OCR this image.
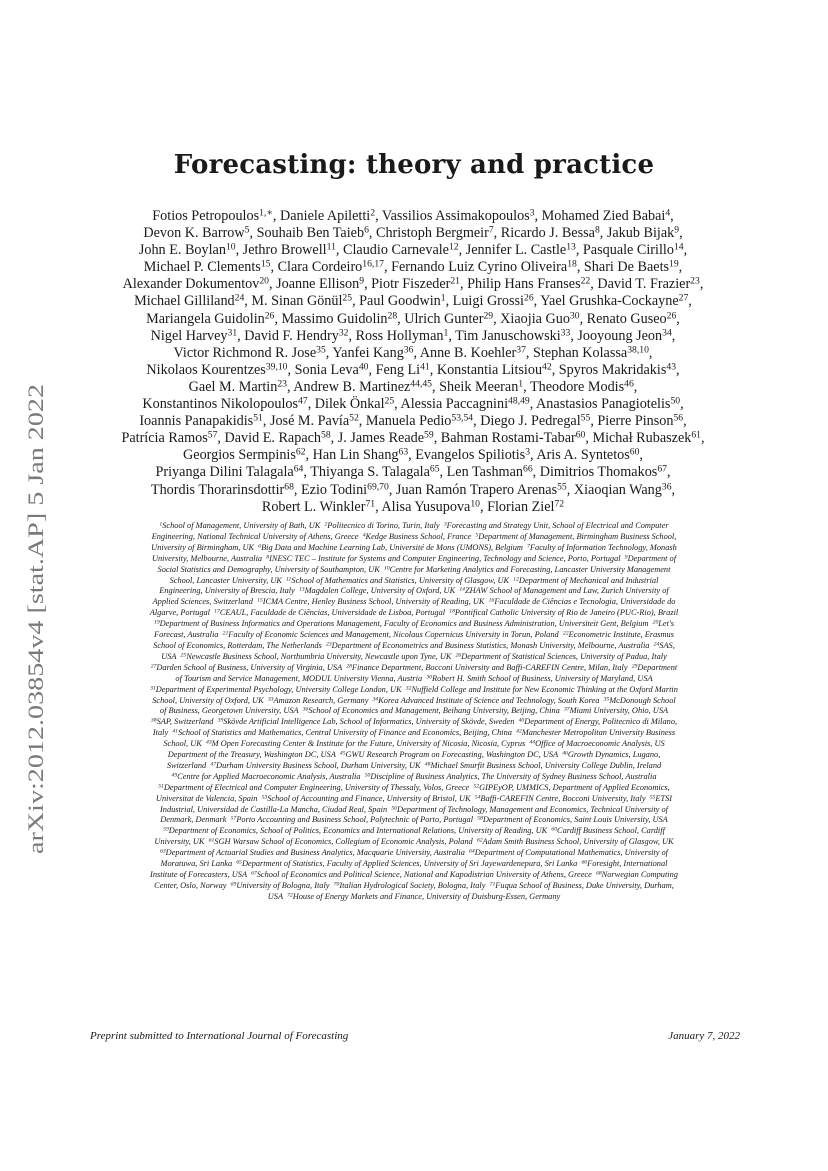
arXiv:2012.03854v4 [stat.AP] 5 Jan 2022
Forecasting: theory and practice
Fotios Petropoulos$^{1,∗}$, Daniele Apiletti$^2$, Vassilios Assimakopoulos$^3$, Mohamed Zied Babai$^4$,
Devon K. Barrow$^5$, Souhaib Ben Taieb$^6$, Christoph Bergmeir$^7$, Ricardo J. Bessa$^8$, Jakub Bijak$^9$,
John E. Boylan$^{10}$, Jethro Browell$^{11}$, Claudio Carnevale$^{12}$, Jennifer L. Castle$^{13}$, Pasquale Cirillo$^{14}$,
Michael P. Clements$^{15}$, Clara Cordeiro$^{16,17}$, Fernando Luiz Cyrino Oliveira$^{18}$, Shari De Baets$^{19}$,
Alexander Dokumentov$^{20}$, Joanne Ellison$^9$, Piotr Fiszeder$^{21}$, Philip Hans Franses$^{22}$, David T. Frazier$^{23}$,
Michael Gilliland$^{24}$, M. Sinan Gönül$^{25}$, Paul Goodwin$^1$, Luigi Grossi$^{26}$, Yael Grushka-Cockayne$^{27}$,
Mariangela Guidolin$^{26}$, Massimo Guidolin$^{28}$, Ulrich Gunter$^{29}$, Xiaojia Guo$^{30}$, Renato Guseo$^{26}$,
Nigel Harvey$^{31}$, David F. Hendry$^{32}$, Ross Hollyman$^1$, Tim Januschowski$^{33}$, Jooyoung Jeon$^{34}$,
Victor Richmond R. Jose$^{35}$, Yanfei Kang$^{36}$, Anne B. Koehler$^{37}$, Stephan Kolassa$^{38,10}$,
Nikolaos Kourentzes$^{39,10}$, Sonia Leva$^{40}$, Feng Li$^{41}$, Konstantia Litsiou$^{42}$, Spyros Makridakis$^{43}$,
Gael M. Martin$^{23}$, Andrew B. Martinez$^{44,45}$, Sheik Meeran$^1$, Theodore Modis$^{46}$,
Konstantinos Nikolopoulos$^{47}$, Dilek Önkal$^{25}$, Alessia Paccagnini$^{48,49}$, Anastasios Panagiotelis$^{50}$,
Ioannis Panapakidis$^{51}$, José M. Pavía$^{52}$, Manuela Pedio$^{53,54}$, Diego J. Pedregal$^{55}$, Pierre Pinson$^{56}$,
Patrícia Ramos$^{57}$, David E. Rapach$^{58}$, J. James Reade$^{59}$, Bahman Rostami-Tabar$^{60}$, Michał Rubaszek$^{61}$,
Georgios Sermpinis$^{62}$, Han Lin Shang$^{63}$, Evangelos Spiliotis$^3$, Aris A. Syntetos$^{60}$,
Priyanga Dilini Talagala$^{64}$, Thiyanga S. Talagala$^{65}$, Len Tashman$^{66}$, Dimitrios Thomakos$^{67}$,
Thordis Thorarinsdottir$^{68}$, Ezio Todini$^{69,70}$, Juan Ramón Trapero Arenas$^{55}$, Xiaoqian Wang$^{36}$,
Robert L. Winkler$^{71}$, Alisa Yusupova$^{10}$, Florian Ziel$^{72}$
$^1$School of Management, University of Bath, UK  $^2$Politecnico di Torino, Turin, Italy  $^3$Forecasting and Strategy Unit, School of Electrical and Computer
Engineering, National Technical University of Athens, Greece  $^4$Kedge Business School, France  $^5$Department of Management, Birmingham Business School,
University of Birmingham, UK  $^6$Big Data and Machine Learning Lab, Université de Mons (UMONS), Belgium  $^7$Faculty of Information Technology, Monash
University, Melbourne, Australia  $^8$INESC TEC – Institute for Systems and Computer Engineering, Technology and Science, Porto, Portugal  $^9$Department of
Social Statistics and Demography, University of Southampton, UK  $^{10}$Centre for Marketing Analytics and Forecasting, Lancaster University Management
School, Lancaster University, UK  $^{11}$School of Mathematics and Statistics, University of Glasgow, UK  $^{12}$Department of Mechanical and Industrial
Engineering, University of Brescia, Italy  $^{13}$Magdalen College, University of Oxford, UK  $^{14}$ZHAW School of Management and Law, Zurich University of
Applied Sciences, Switzerland  $^{15}$ICMA Centre, Henley Business School, University of Reading, UK  $^{16}$Faculdade de Ciências e Tecnologia, Universidade do
Algarve, Portugal  $^{17}$CEAUL, Faculdade de Ciências, Universidade de Lisboa, Portugal  $^{18}$Pontifical Catholic University of Rio de Janeiro (PUC-Rio), Brazil
$^{19}$Department of Business Informatics and Operations Management, Faculty of Economics and Business Administration, Universiteit Gent, Belgium  $^{20}$Let's
Forecast, Australia  $^{21}$Faculty of Economic Sciences and Management, Nicolaus Copernicus University in Torun, Poland  $^{22}$Econometric Institute, Erasmus
School of Economics, Rotterdam, The Netherlands  $^{23}$Department of Econometrics and Business Statistics, Monash University, Melbourne, Australia  $^{24}$SAS,
USA  $^{25}$Newcastle Business School, Northumbria University, Newcastle upon Tyne, UK  $^{26}$Department of Statistical Sciences, University of Padua, Italy
$^{27}$Darden School of Business, University of Virginia, USA  $^{28}$Finance Department, Bocconi University and Baffi-CAREFIN Centre, Milan, Italy  $^{29}$Department
of Tourism and Service Management, MODUL University Vienna, Austria  $^{30}$Robert H. Smith School of Business, University of Maryland, USA
$^{31}$Department of Experimental Psychology, University College London, UK  $^{32}$Nuffield College and Institute for New Economic Thinking at the Oxford Martin
School, University of Oxford, UK  $^{33}$Amazon Research, Germany  $^{34}$Korea Advanced Institute of Science and Technology, South Korea  $^{35}$McDonough School
of Business, Georgetown University, USA  $^{36}$School of Economics and Management, Beihang University, Beijing, China  $^{37}$Miami University, Ohio, USA
$^{38}$SAP, Switzerland  $^{39}$Skövde Artificial Intelligence Lab, School of Informatics, University of Skövde, Sweden  $^{40}$Department of Energy, Politecnico di Milano,
Italy  $^{41}$School of Statistics and Mathematics, Central University of Finance and Economics, Beijing, China  $^{42}$Manchester Metropolitan University Business
School, UK  $^{43}$M Open Forecasting Center & Institute for the Future, University of Nicosia, Nicosia, Cyprus  $^{44}$Office of Macroeconomic Analysis, US
Department of the Treasury, Washington DC, USA  $^{45}$GWU Research Program on Forecasting, Washington DC, USA  $^{46}$Growth Dynamics, Lugano,
Switzerland  $^{47}$Durham University Business School, Durham University, UK  $^{48}$Michael Smurfit Business School, University College Dublin, Ireland
$^{49}$Centre for Applied Macroeconomic Analysis, Australia  $^{50}$Discipline of Business Analytics, The University of Sydney Business School, Australia
$^{51}$Department of Electrical and Computer Engineering, University of Thessaly, Volos, Greece  $^{52}$GIPEyOP, UMMICS, Department of Applied Economics,
Universitat de Valencia, Spain  $^{53}$School of Accounting and Finance, University of Bristol, UK  $^{54}$Baffi-CAREFIN Centre, Bocconi University, Italy  $^{55}$ETSI
Industrial, Universidad de Castilla-La Mancha, Ciudad Real, Spain  $^{56}$Department of Technology, Management and Economics, Technical University of
Denmark, Denmark  $^{57}$Porto Accounting and Business School, Polytechnic of Porto, Portugal  $^{58}$Department of Economics, Saint Louis University, USA
$^{59}$Department of Economics, School of Politics, Economics and International Relations, University of Reading, UK  $^{60}$Cardiff Business School, Cardiff
University, UK  $^{61}$SGH Warsaw School of Economics, Collegium of Economic Analysis, Poland  $^{62}$Adam Smith Business School, University of Glasgow, UK
$^{63}$Department of Actuarial Studies and Business Analytics, Macquarie University, Australia  $^{64}$Department of Computational Mathematics, University of
Moratuwa, Sri Lanka  $^{65}$Department of Statistics, Faculty of Applied Sciences, University of Sri Jayewardenepura, Sri Lanka  $^{66}$Foresight, International
Institute of Forecasters, USA  $^{67}$School of Economics and Political Science, National and Kapodistrian University of Athens, Greece  $^{68}$Norwegian Computing
Center, Oslo, Norway  $^{69}$University of Bologna, Italy  $^{70}$Italian Hydrological Society, Bologna, Italy  $^{71}$Fuqua School of Business, Duke University, Durham,
USA  $^{72}$House of Energy Markets and Finance, University of Duisburg-Essen, Germany
Preprint submitted to International Journal of Forecasting	January 7, 2022
